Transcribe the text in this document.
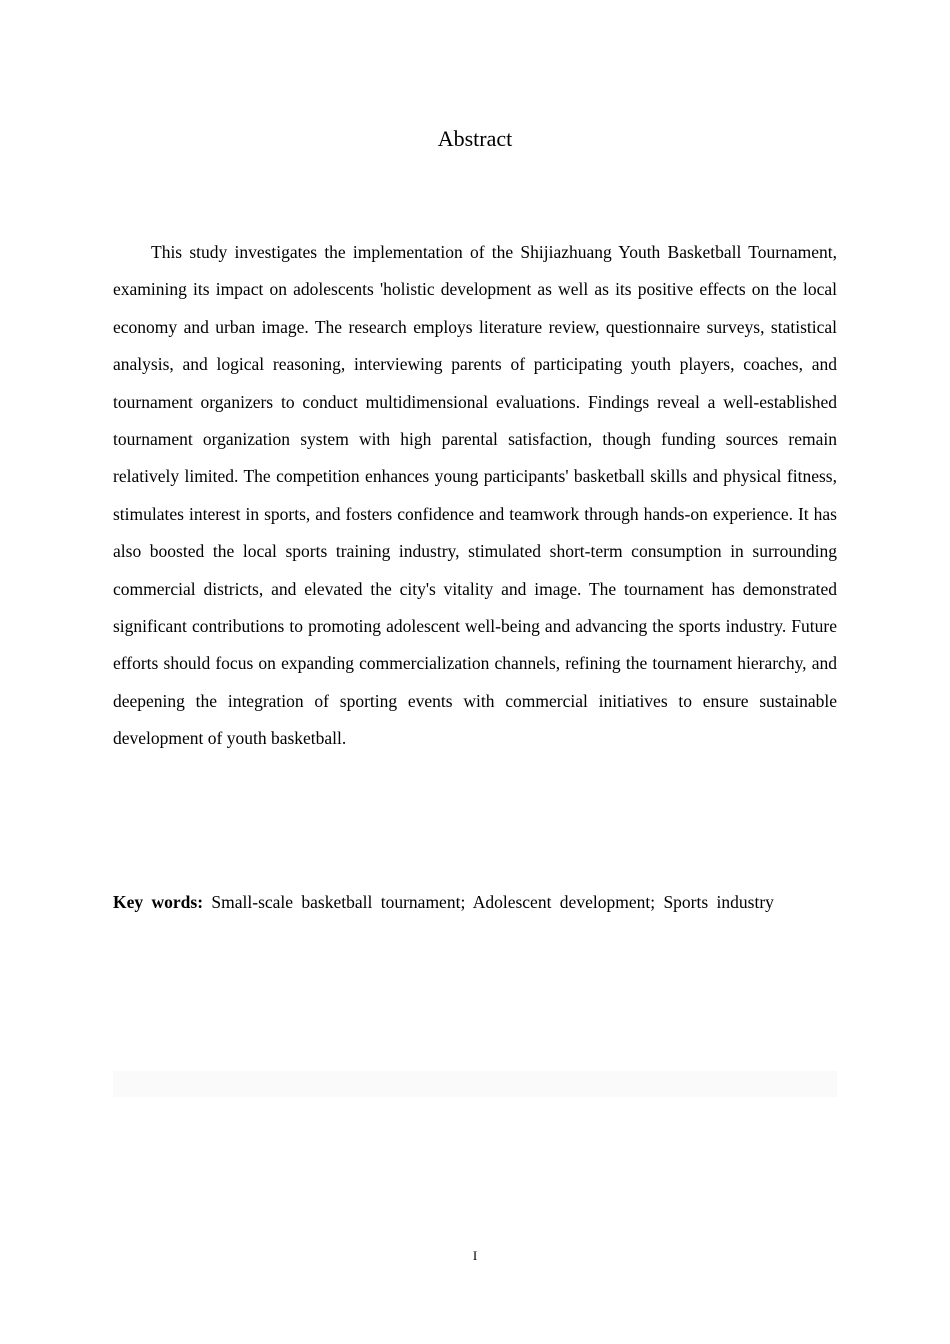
Abstract

This study investigates the implementation of the Shijiazhuang Youth Basketball Tournament, examining its impact on adolescents 'holistic development as well as its positive effects on the local economy and urban image. The research employs literature review, questionnaire surveys, statistical analysis, and logical reasoning, interviewing parents of participating youth players, coaches, and tournament organizers to conduct multidimensional evaluations. Findings reveal a well-established tournament organization system with high parental satisfaction, though funding sources remain relatively limited. The competition enhances young participants' basketball skills and physical fitness, stimulates interest in sports, and fosters confidence and teamwork through hands-on experience. It has also boosted the local sports training industry, stimulated short-term consumption in surrounding commercial districts, and elevated the city's vitality and image. The tournament has demonstrated significant contributions to promoting adolescent well-being and advancing the sports industry. Future efforts should focus on expanding commercialization channels, refining the tournament hierarchy, and deepening the integration of sporting events with commercial initiatives to ensure sustainable development of youth basketball.

Key words: Small-scale basketball tournament; Adolescent development; Sports industry

I
